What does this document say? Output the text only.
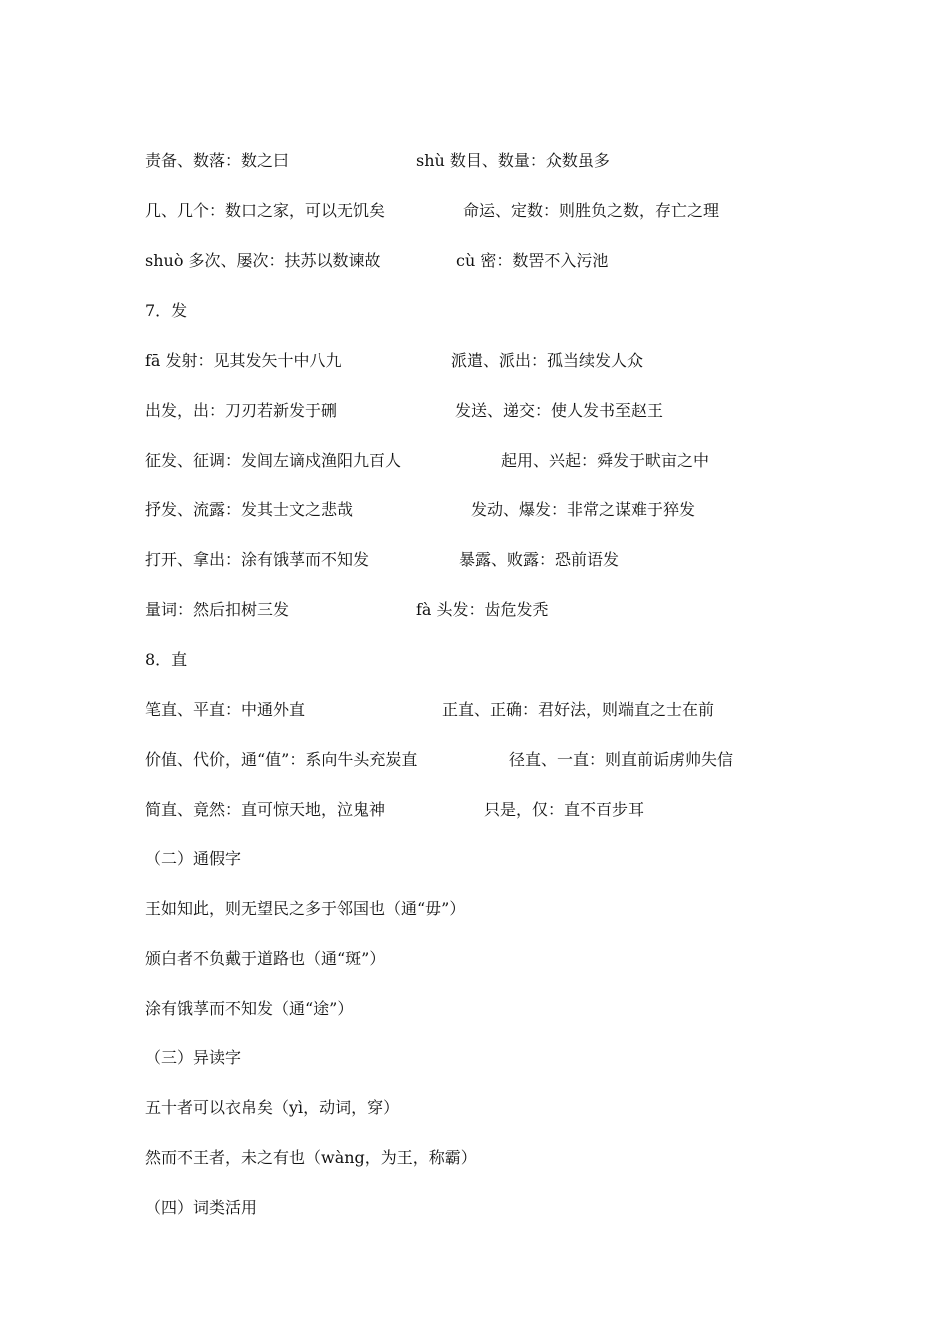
责备、数落：数之曰	shù 数目、数量：众数虽多
几、几个：数口之家，可以无饥矣	命运、定数：则胜负之数，存亡之理
shuò 多次、屡次：扶苏以数谏故	cù 密：数罟不入污池
7．发
fā 发射：见其发矢十中八九	派遣、派出：孤当续发人众
出发，出：刀刃若新发于硎	发送、递交：使人发书至赵王
征发、征调：发闾左谪戍渔阳九百人	起用、兴起：舜发于畎亩之中
抒发、流露：发其士文之悲哉	发动、爆发：非常之谋难于猝发
打开、拿出：涂有饿莩而不知发	暴露、败露：恐前语发
量词：然后扣树三发	fà 头发：齿危发秃
8．直
笔直、平直：中通外直	正直、正确：君好法，则端直之士在前
价值、代价，通“值”：系向牛头充炭直	径直、一直：则直前诟虏帅失信
简直、竟然：直可惊天地，泣鬼神	只是，仅：直不百步耳
（二）通假字
王如知此，则无望民之多于邻国也（通“毋”）
颁白者不负戴于道路也（通“斑”）
涂有饿莩而不知发（通“途”）
（三）异读字
五十者可以衣帛矣（yì，动词，穿）
然而不王者，未之有也（wàng，为王，称霸）
（四）词类活用
